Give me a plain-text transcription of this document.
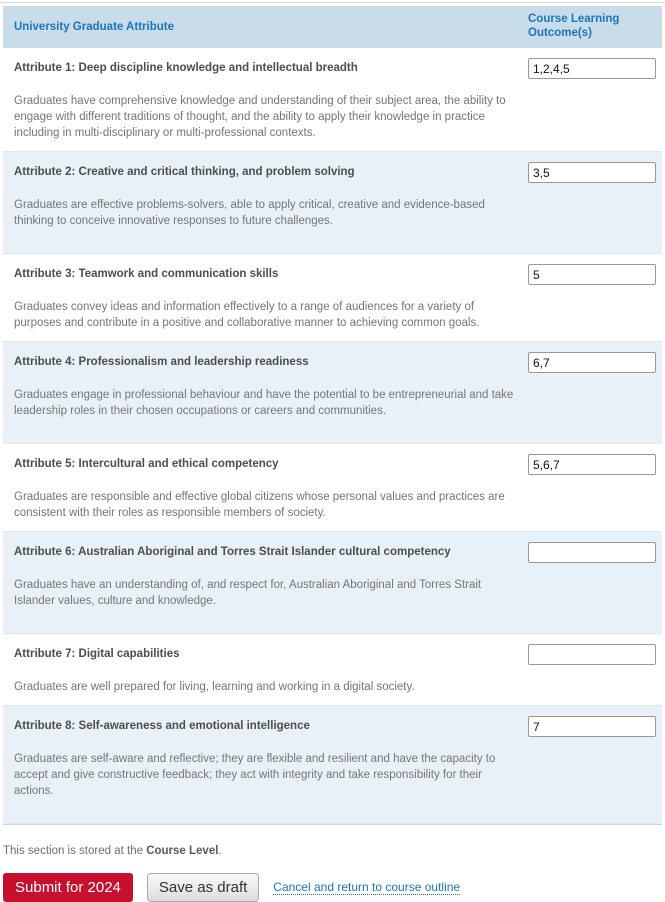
University Graduate Attribute
Course Learning Outcome(s)
Attribute 1: Deep discipline knowledge and intellectual breadth
Graduates have comprehensive knowledge and understanding of their subject area, the ability to engage with different traditions of thought, and the ability to apply their knowledge in practice including in multi-disciplinary or multi-professional contexts.
1,2,4,5
Attribute 2: Creative and critical thinking, and problem solving
Graduates are effective problems-solvers, able to apply critical, creative and evidence-based thinking to conceive innovative responses to future challenges.
3,5
Attribute 3: Teamwork and communication skills
Graduates convey ideas and information effectively to a range of audiences for a variety of purposes and contribute in a positive and collaborative manner to achieving common goals.
5
Attribute 4: Professionalism and leadership readiness
Graduates engage in professional behaviour and have the potential to be entrepreneurial and take leadership roles in their chosen occupations or careers and communities.
6,7
Attribute 5: Intercultural and ethical competency
Graduates are responsible and effective global citizens whose personal values and practices are consistent with their roles as responsible members of society.
5,6,7
Attribute 6: Australian Aboriginal and Torres Strait Islander cultural competency
Graduates have an understanding of, and respect for, Australian Aboriginal and Torres Strait Islander values, culture and knowledge.
Attribute 7: Digital capabilities
Graduates are well prepared for living, learning and working in a digital society.
Attribute 8: Self-awareness and emotional intelligence
Graduates are self-aware and reflective; they are flexible and resilient and have the capacity to accept and give constructive feedback; they act with integrity and take responsibility for their actions.
7
This section is stored at the Course Level.
Submit for 2024	Save as draft	Cancel and return to course outline
